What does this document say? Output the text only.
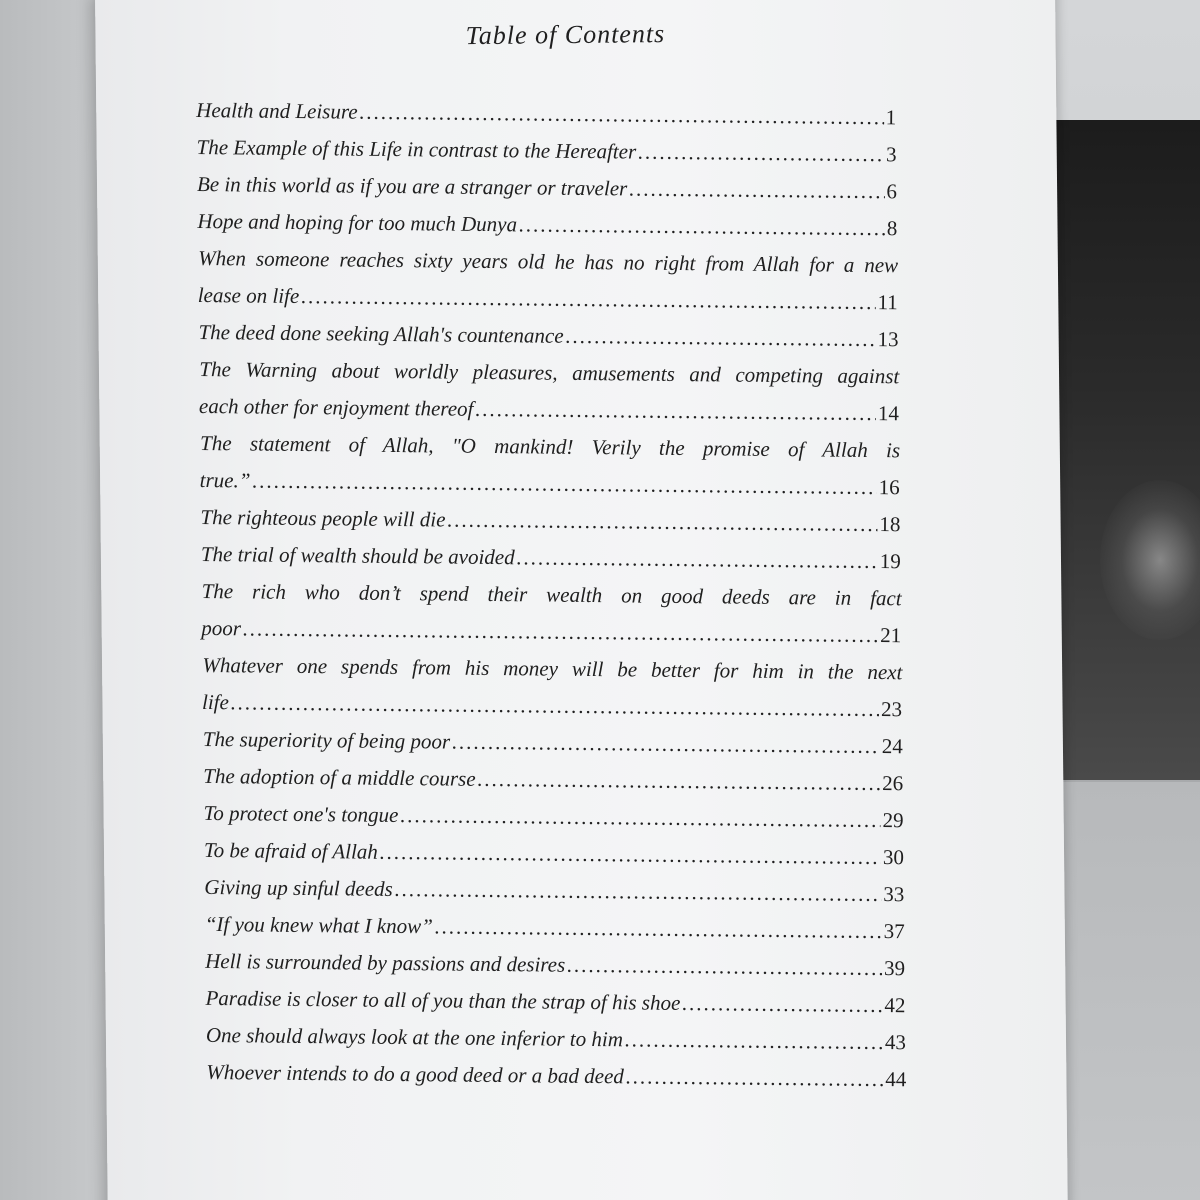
Table of Contents
Health and Leisure .....	1
The Example of this Life in contrast to the Hereafter .....	3
Be in this world as if you are a stranger or traveler .....	6
Hope and hoping for too much Dunya .....	8
When someone reaches sixty years old he has no right from Allah for a new
lease on life .....	11
The deed done seeking Allah's countenance .....	13
The Warning about worldly pleasures, amusements and competing against
each other for enjoyment thereof .....	14
The statement of Allah, "O mankind! Verily the promise of Allah is
true.” .....	16
The righteous people will die .....	18
The trial of wealth should be avoided .....	19
The rich who don’t spend their wealth on good deeds are in fact
poor .....	21
Whatever one spends from his money will be better for him in the next
life .....	23
The superiority of being poor .....	24
The adoption of a middle course .....	26
To protect one's tongue .....	29
To be afraid of Allah .....	30
Giving up sinful deeds .....	33
“If you knew what I know” .....	37
Hell is surrounded by passions and desires .....	39
Paradise is closer to all of you than the strap of his shoe .....	42
One should always look at the one inferior to him .....	43
Whoever intends to do a good deed or a bad deed .....	44
